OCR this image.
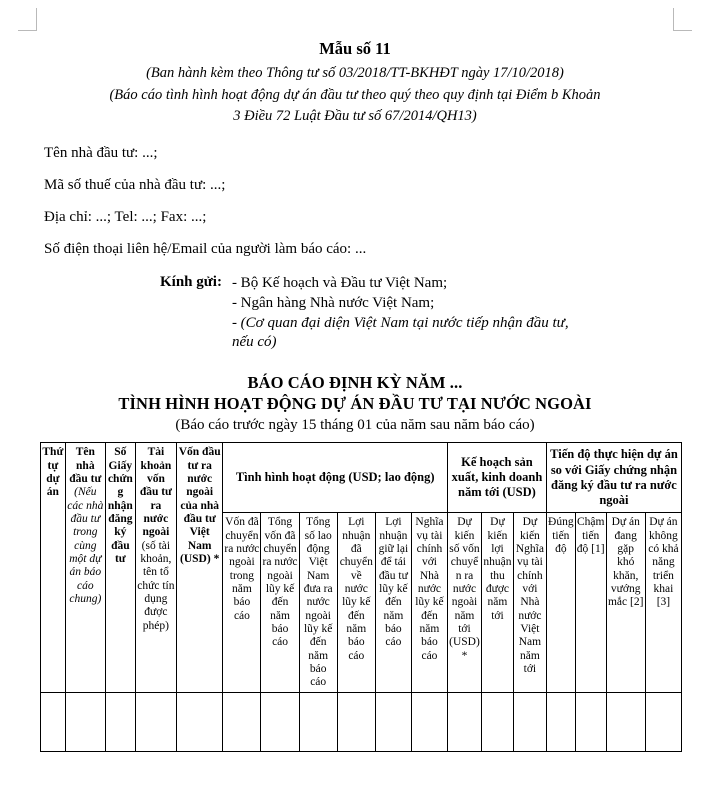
Mẫu số 11
(Ban hành kèm theo Thông tư số 03/2018/TT-BKHĐT ngày 17/10/2018)
(Báo cáo tình hình hoạt động dự án đầu tư theo quý theo quy định tại Điểm b Khoản
3 Điều 72 Luật Đầu tư số 67/2014/QH13)
Tên nhà đầu tư: ...;
Mã số thuế của nhà đầu tư: ...;
Địa chỉ: ...; Tel: ...; Fax: ...;
Số điện thoại liên hệ/Email của người làm báo cáo: ...
Kính gửi: - Bộ Kế hoạch và Đầu tư Việt Nam;
- Ngân hàng Nhà nước Việt Nam;
- (Cơ quan đại diện Việt Nam tại nước tiếp nhận đầu tư, nếu có)
BÁO CÁO ĐỊNH KỲ NĂM ...
TÌNH HÌNH HOẠT ĐỘNG DỰ ÁN ĐẦU TƯ TẠI NƯỚC NGOÀI
(Báo cáo trước ngày 15 tháng 01 của năm sau năm báo cáo)
Thứ tự dự án	Tên nhà đầu tư (Nếu các nhà đầu tư trong cùng một dự án báo cáo chung)	Số Giấy chứng nhận đăng ký đầu tư	Tài khoản vốn đầu tư ra nước ngoài (số tài khoản, tên tổ chức tín dụng được phép)	Vốn đầu tư ra nước ngoài của nhà đầu tư Việt Nam (USD) *	Tình hình hoạt động (USD; lao động)						Kế hoạch sản xuất, kinh doanh năm tới (USD)			Tiến độ thực hiện dự án so với Giấy chứng nhận đăng ký đầu tư ra nước ngoài			
					Vốn đã chuyển ra nước ngoài trong năm báo cáo	Tổng vốn đã chuyển ra nước ngoài lũy kế đến năm báo cáo	Tổng số lao động Việt Nam đưa ra nước ngoài lũy kế đến năm báo cáo	Lợi nhuận đã chuyển về nước lũy kế đến năm báo cáo	Lợi nhuận giữ lại để tái đầu tư lũy kế đến năm báo cáo	Nghĩa vụ tài chính với Nhà nước lũy kế đến năm báo cáo	Dự kiến số vốn chuyển ra nước ngoài năm tới (USD) *	Dự kiến lợi nhuận thu được năm tới	Dự kiến Nghĩa vụ tài chính với Nhà nước Việt Nam năm tới	Đúng tiến độ	Chậm tiến độ [1]	Dự án đang gặp khó khăn, vướng mắc [2]	Dự án không có khả năng triển khai [3]
